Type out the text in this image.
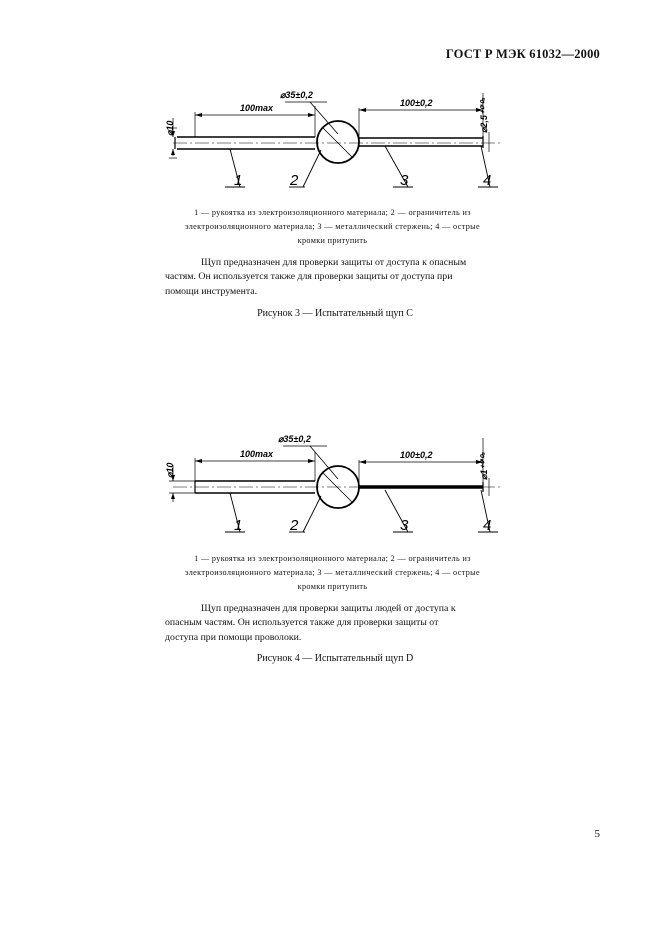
ГОСТ Р МЭК 61032—2000
100max
⌀35±0,2
100±0,2
⌀10	⌀2,5⁺⁰'⁰⁵
1	2	3	4
1 — рукоятка из электроизоляционного материала; 2 — ограничитель из
электроизоляционного материала; 3 — металлический стержень; 4 — острые
кромки притупить
Щуп предназначен для проверки защиты от доступа к опасным
частям. Он используется также для проверки защиты от доступа при
помощи инструмента.
Рисунок 3 — Испытательный щуп С
100max
⌀35±0,2
100±0,2
⌀10	⌀1⁺⁰'⁰⁵
1	2	3	4
1 — рукоятка из электроизоляционного материала; 2 — ограничитель из
электроизоляционного материала; 3 — металлический стержень; 4 — острые
кромки притупить
Щуп предназначен для проверки защиты людей от доступа к
опасным частям. Он используется также для проверки защиты от
доступа при помощи проволоки.
Рисунок 4 — Испытательный щуп D
5
